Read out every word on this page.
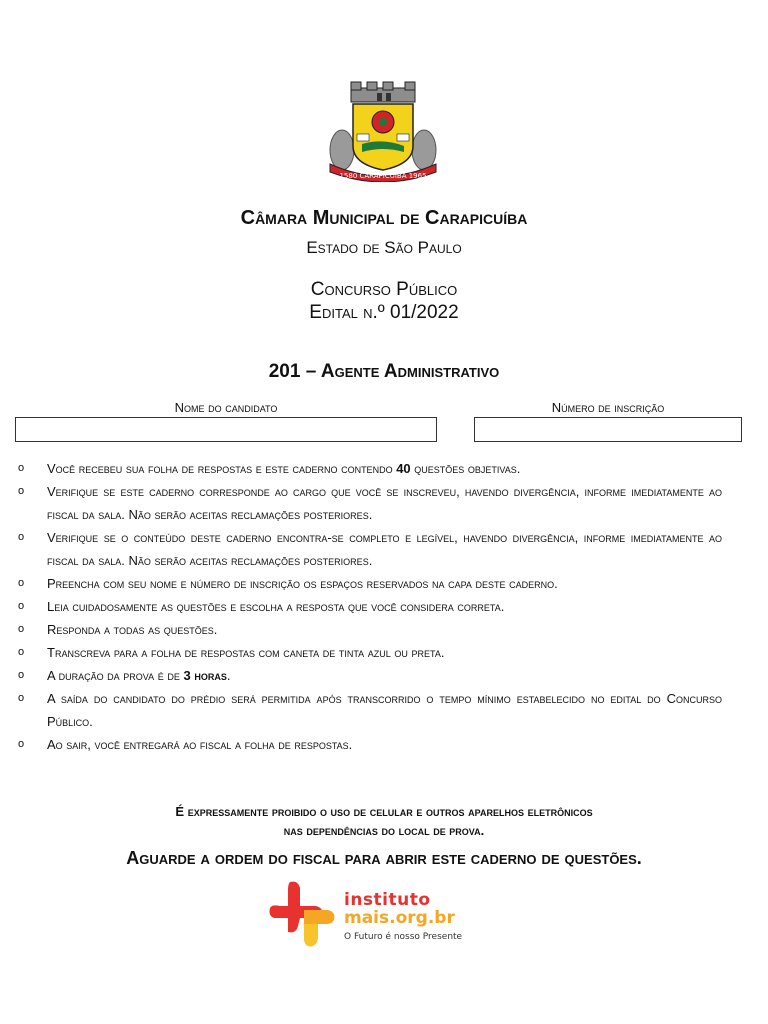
1580 CARAPICUIBA 1965
Câmara Municipal de Carapicuíba
Estado de São Paulo
Concurso Público
Edital n.º 01/2022
201 – Agente Administrativo
Nome do candidato	Número de inscrição
o Você recebeu sua folha de respostas e este caderno contendo 40 questões objetivas.
o Verifique se este caderno corresponde ao cargo que você se inscreveu, havendo divergência, informe imediatamente ao fiscal da sala. Não serão aceitas reclamações posteriores.
o Verifique se o conteúdo deste caderno encontra-se completo e legível, havendo divergência, informe imediatamente ao fiscal da sala. Não serão aceitas reclamações posteriores.
o Preencha com seu nome e número de inscrição os espaços reservados na capa deste caderno.
o Leia cuidadosamente as questões e escolha a resposta que você considera correta.
o Responda a todas as questões.
o Transcreva para a folha de respostas com caneta de tinta azul ou preta.
o A duração da prova é de 3 horas.
o A saída do candidato do prédio será permitida após transcorrido o tempo mínimo estabelecido no edital do Concurso Público.
o Ao sair, você entregará ao fiscal a folha de respostas.
É expressamente proibido o uso de celular e outros aparelhos eletrônicos
nas dependências do local de prova.
Aguarde a ordem do fiscal para abrir este caderno de questões.
instituto
mais.org.br
O Futuro é nosso Presente
